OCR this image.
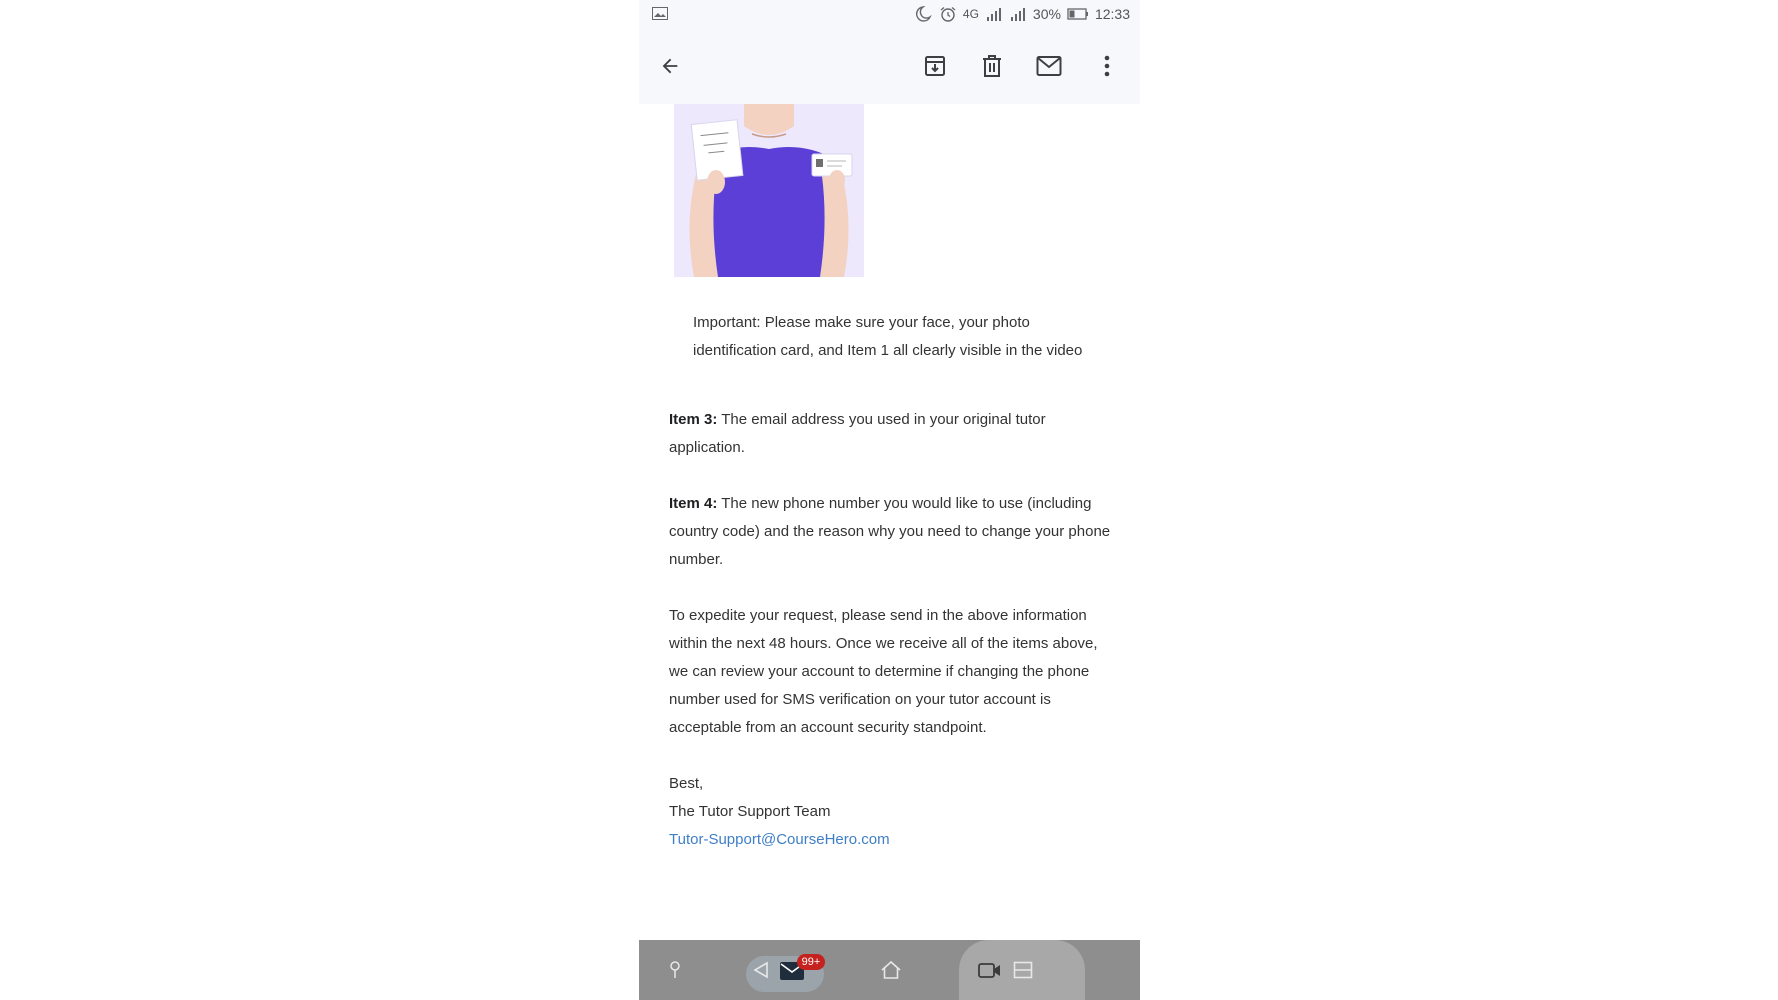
4G	30% 12:33

Important: Please make sure your face, your photo identification card, and Item 1 all clearly visible in the video

Item 3: The email address you used in your original tutor application.

Item 4: The new phone number you would like to use (including country code) and the reason why you need to change your phone number.

To expedite your request, please send in the above information within the next 48 hours. Once we receive all of the items above, we can review your account to determine if changing the phone number used for SMS verification on your tutor account is acceptable from an account security standpoint.

Best,

The Tutor Support Team

Tutor-Support@CourseHero.com

99+
